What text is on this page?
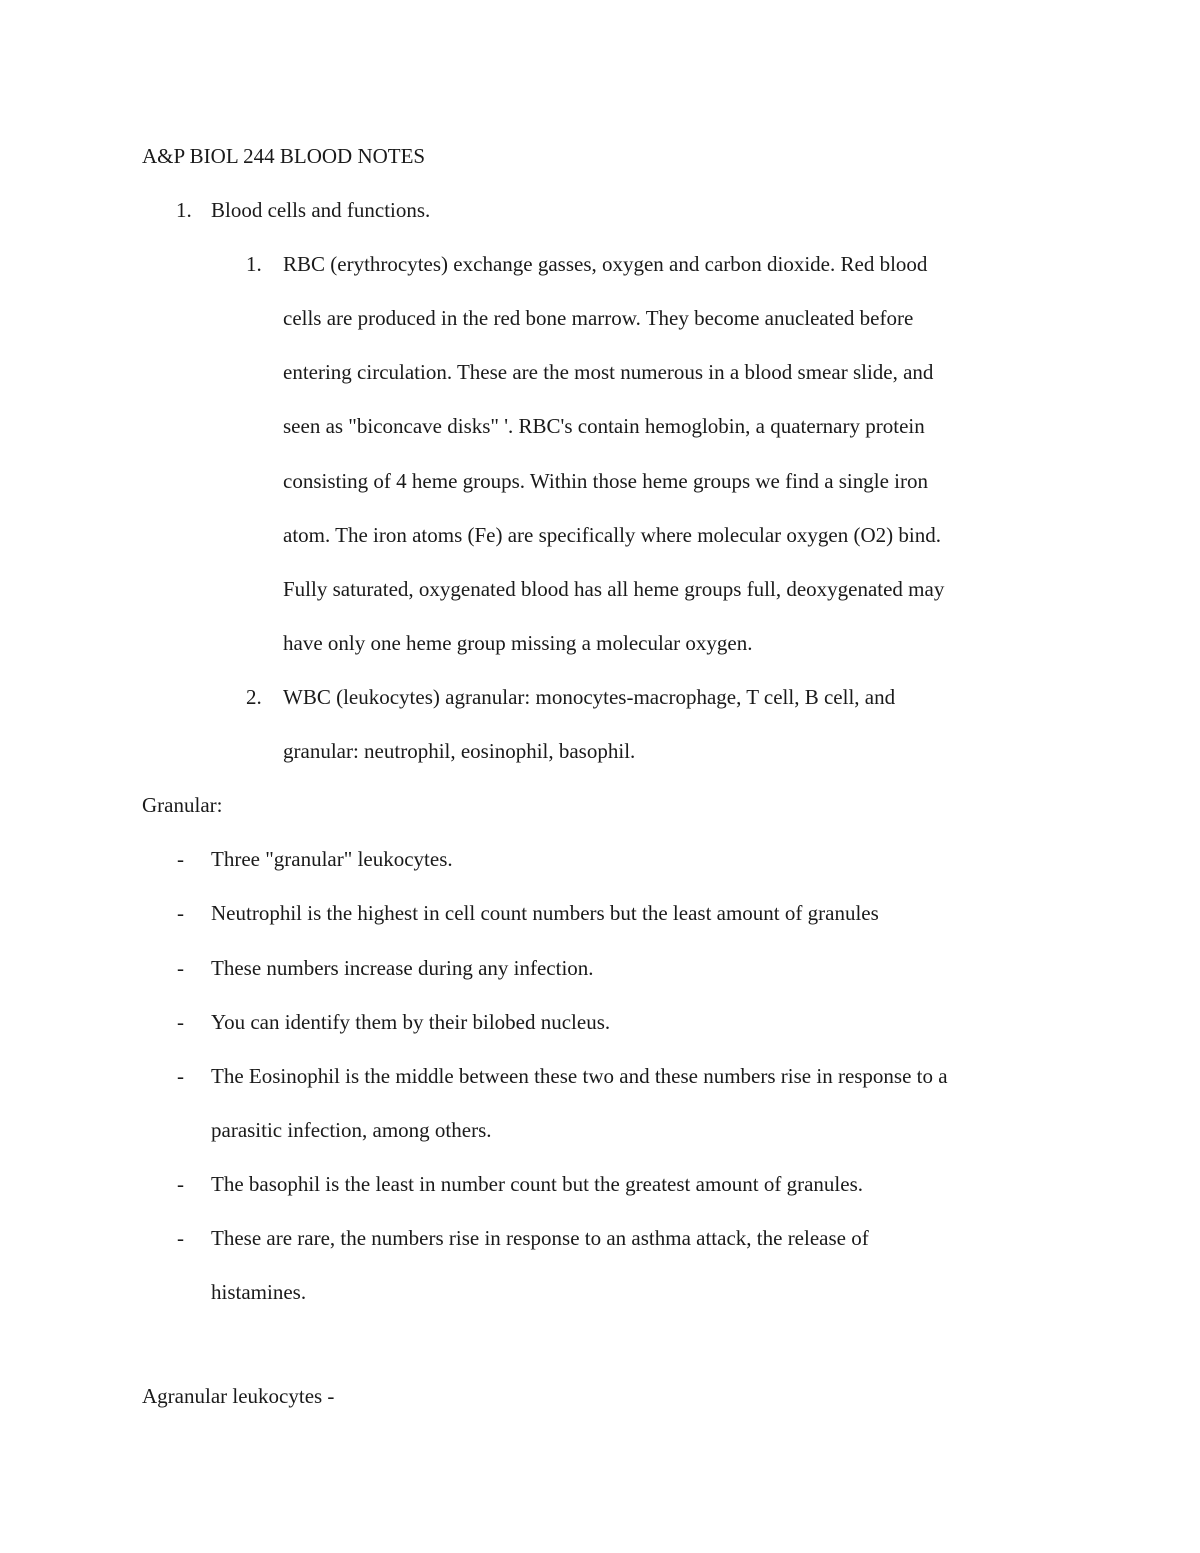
A&P BIOL 244 BLOOD NOTES
1. Blood cells and functions.
1. RBC (erythrocytes) exchange gasses, oxygen and carbon dioxide. Red blood
cells are produced in the red bone marrow. They become anucleated before
entering circulation. These are the most numerous in a blood smear slide, and
seen as "biconcave disks" '. RBC's contain hemoglobin, a quaternary protein
consisting of 4 heme groups. Within those heme groups we find a single iron
atom. The iron atoms (Fe) are specifically where molecular oxygen (O2) bind.
Fully saturated, oxygenated blood has all heme groups full, deoxygenated may
have only one heme group missing a molecular oxygen.
2. WBC (leukocytes) agranular: monocytes-macrophage, T cell, B cell, and
granular: neutrophil, eosinophil, basophil.
Granular:
- Three "granular" leukocytes.
- Neutrophil is the highest in cell count numbers but the least amount of granules
- These numbers increase during any infection.
- You can identify them by their bilobed nucleus.
- The Eosinophil is the middle between these two and these numbers rise in response to a
parasitic infection, among others.
- The basophil is the least in number count but the greatest amount of granules.
- These are rare, the numbers rise in response to an asthma attack, the release of
histamines.
Agranular leukocytes -
